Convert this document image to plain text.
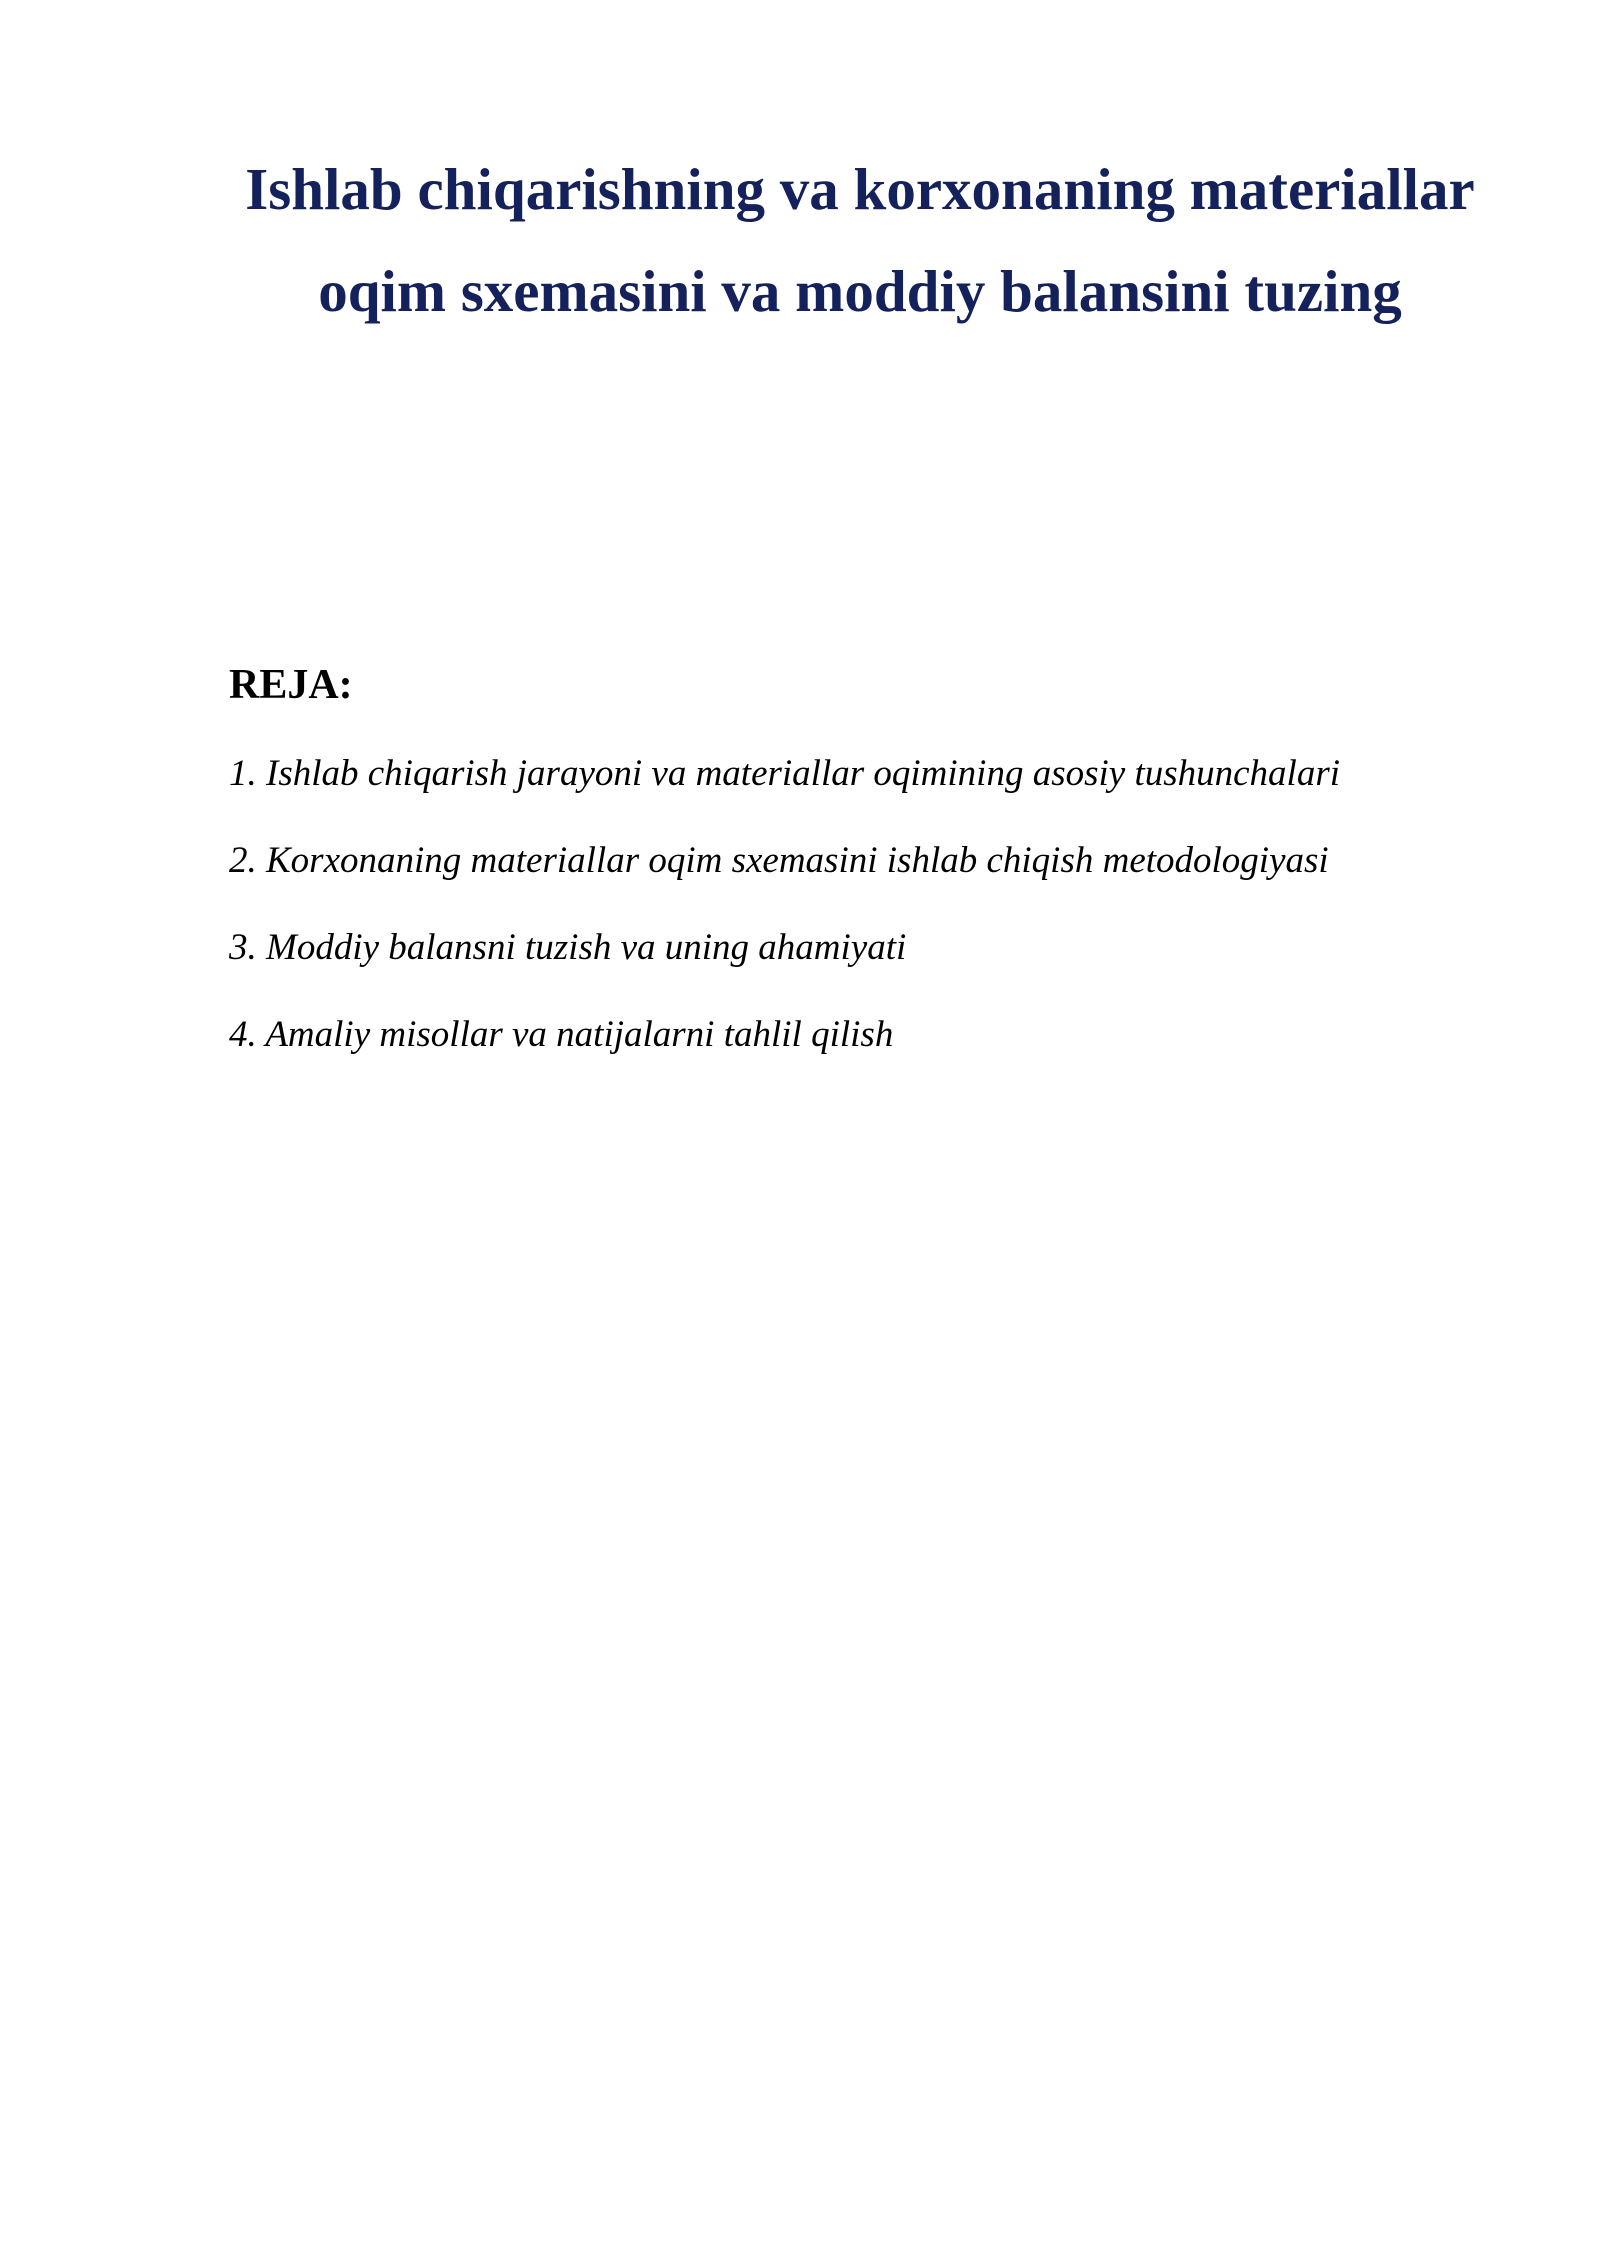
Ishlab chiqarishning va korxonaning materiallar
oqim sxemasini va moddiy balansini tuzing
REJA:
1. Ishlab chiqarish jarayoni va materiallar oqimining asosiy tushunchalari
2. Korxonaning materiallar oqim sxemasini ishlab chiqish metodologiyasi
3. Moddiy balansni tuzish va uning ahamiyati
4. Amaliy misollar va natijalarni tahlil qilish
